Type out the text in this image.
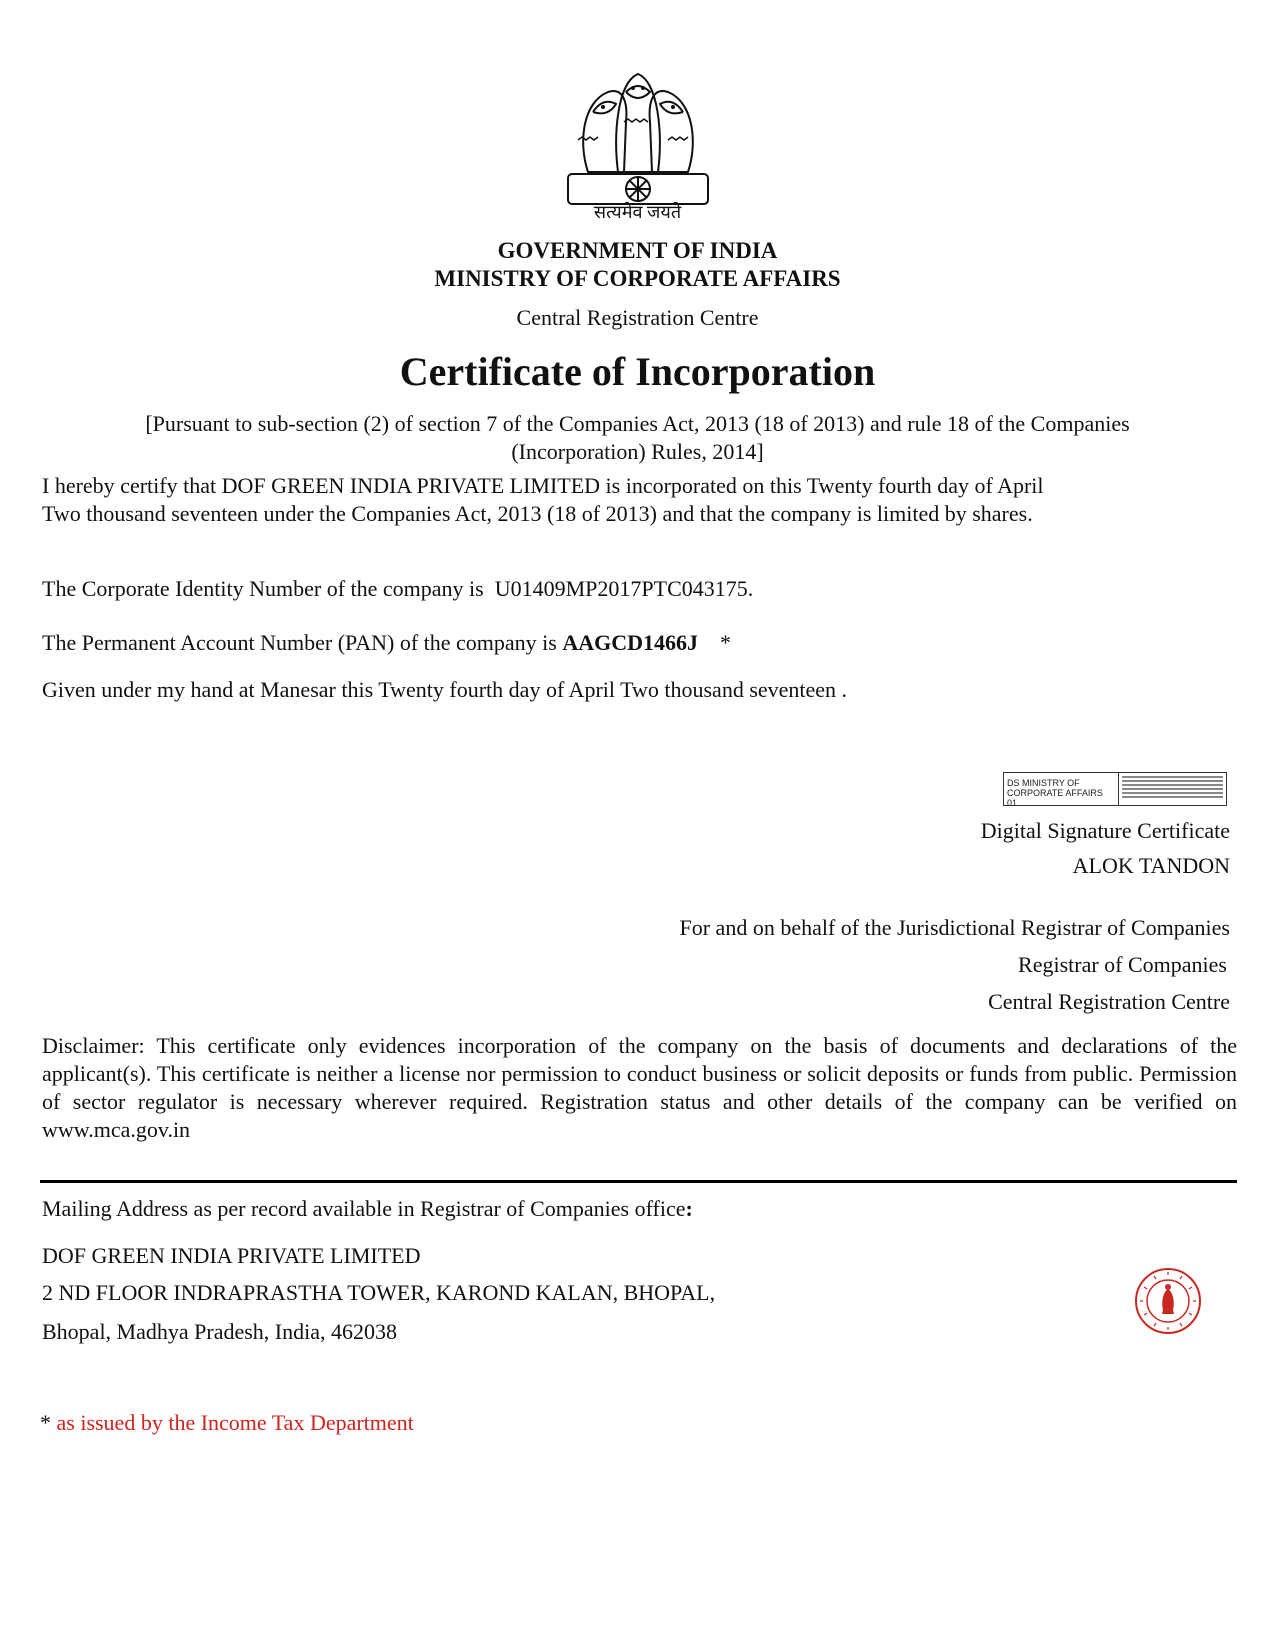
सत्यमेव जयते
GOVERNMENT OF INDIA
MINISTRY OF CORPORATE AFFAIRS
Central Registration Centre
Certificate of Incorporation
[Pursuant to sub-section (2) of section 7 of the Companies Act, 2013 (18 of 2013) and rule 18 of the Companies
(Incorporation) Rules, 2014]
I hereby certify that DOF GREEN INDIA PRIVATE LIMITED is incorporated on this Twenty fourth day of April
Two thousand seventeen under the Companies Act, 2013 (18 of 2013) and that the company is limited by shares.
The Corporate Identity Number of the company is  U01409MP2017PTC043175.
The Permanent Account Number (PAN) of the company is AAGCD1466J *
Given under my hand at Manesar this Twenty fourth day of April Two thousand seventeen .
DS MINISTRY OF
CORPORATE AFFAIRS 01
Digital Signature Certificate
ALOK TANDON
For and on behalf of the Jurisdictional Registrar of Companies
Registrar of Companies
Central Registration Centre
Disclaimer: This certificate only evidences incorporation of the company on the basis of documents and declarations of the applicant(s). This certificate is neither a license nor permission to conduct business or solicit deposits or funds from public. Permission of sector regulator is necessary wherever required. Registration status and other details of the company can be verified on www.mca.gov.in
Mailing Address as per record available in Registrar of Companies office:
DOF GREEN INDIA PRIVATE LIMITED
2 ND FLOOR INDRAPRASTHA TOWER, KAROND KALAN, BHOPAL,
Bhopal, Madhya Pradesh, India, 462038
* as issued by the Income Tax Department
